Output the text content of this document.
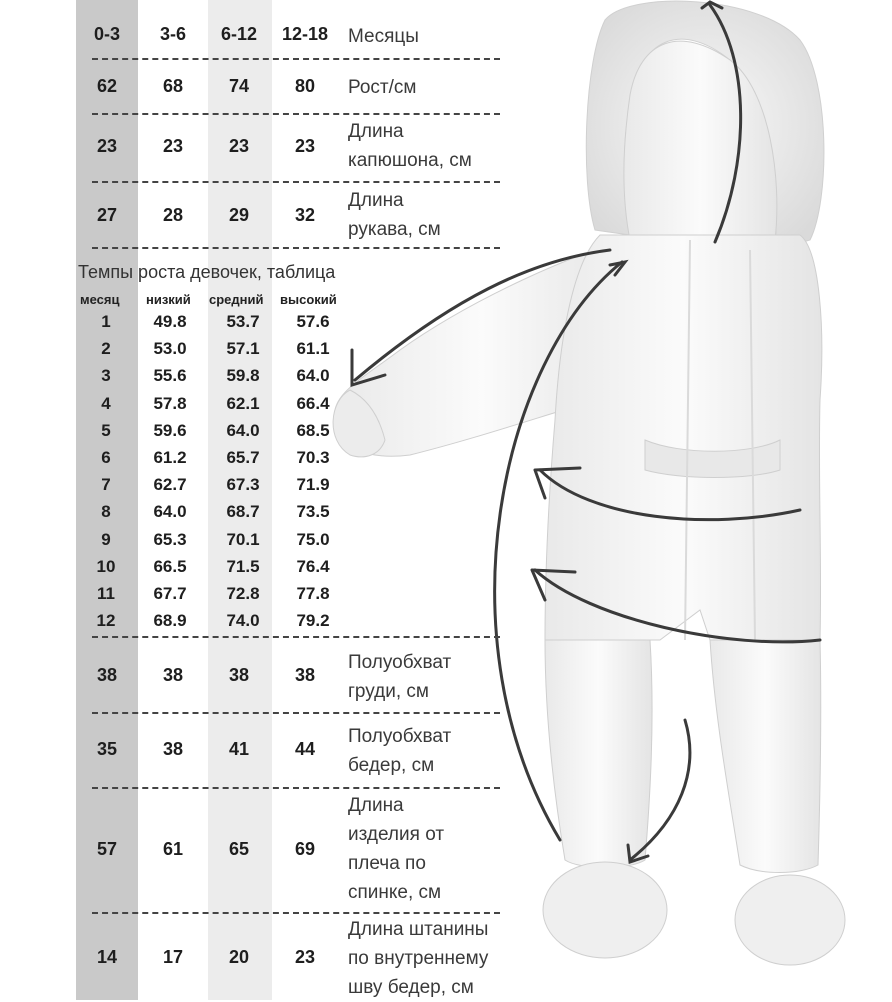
0-3	3-6	6-12	12-18	Месяцы
62	68	74	80	Рост/см
23	23	23	23
Длина
капюшона, см
27	28	29	32
Длина
рукава, см
Темпы роста девочек, таблица
месяц низкий средний высокий
1	49.8	53.7	57.6
2	53.0	57.1	61.1
3	55.6	59.8	64.0
4	57.8	62.1	66.4
5	59.6	64.0	68.5
6	61.2	65.7	70.3
7	62.7	67.3	71.9
8	64.0	68.7	73.5
9	65.3	70.1	75.0
10	66.5	71.5	76.4
11	67.7	72.8	77.8
12	68.9	74.0	79.2
38	38	38	38
Полуобхват
груди, см
35	38	41	44
Полуобхват
бедер, см
57	61	65	69
Длина
изделия от
плеча по
спинке, см
14	17	20	23
Длина штанины
по внутреннему
шву бедер, см
